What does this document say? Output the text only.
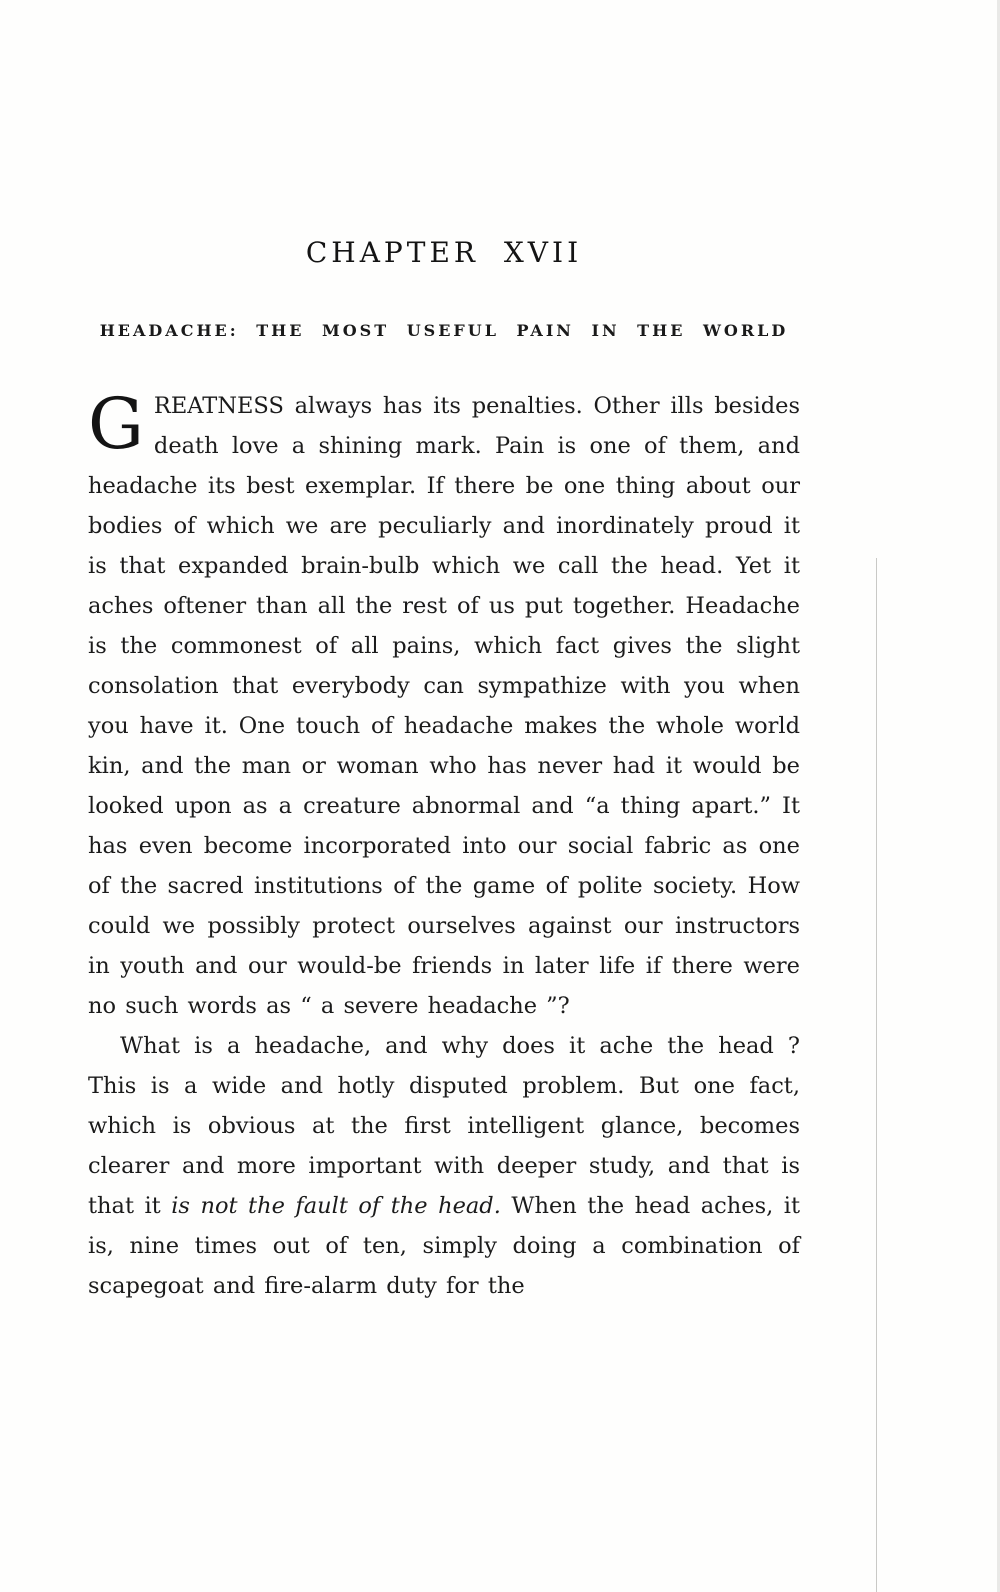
CHAPTER XVII
HEADACHE: THE MOST USEFUL PAIN IN THE WORLD

GREATNESS always has its penalties. Other ills besides death love a shining mark. Pain is one of them, and headache its best exemplar. If there be one thing about our bodies of which we are peculiarly and inordinately proud it is that expanded brain-bulb which we call the head. Yet it aches oftener than all the rest of us put together. Headache is the commonest of all pains, which fact gives the slight consolation that everybody can sympathize with you when you have it. One touch of headache makes the whole world kin, and the man or woman who has never had it would be looked upon as a creature abnormal and “a thing apart.” It has even become incorporated into our social fabric as one of the sacred institutions of the game of polite society. How could we possibly protect ourselves against our instructors in youth and our would-be friends in later life if there were no such words as “ a severe headache ”?

What is a headache, and why does it ache the head ? This is a wide and hotly disputed problem. But one fact, which is obvious at the first intelligent glance, becomes clearer and more important with deeper study, and that is that it is not the fault of the head. When the head aches, it is, nine times out of ten, simply doing a combination of scapegoat and fire-alarm duty for the
